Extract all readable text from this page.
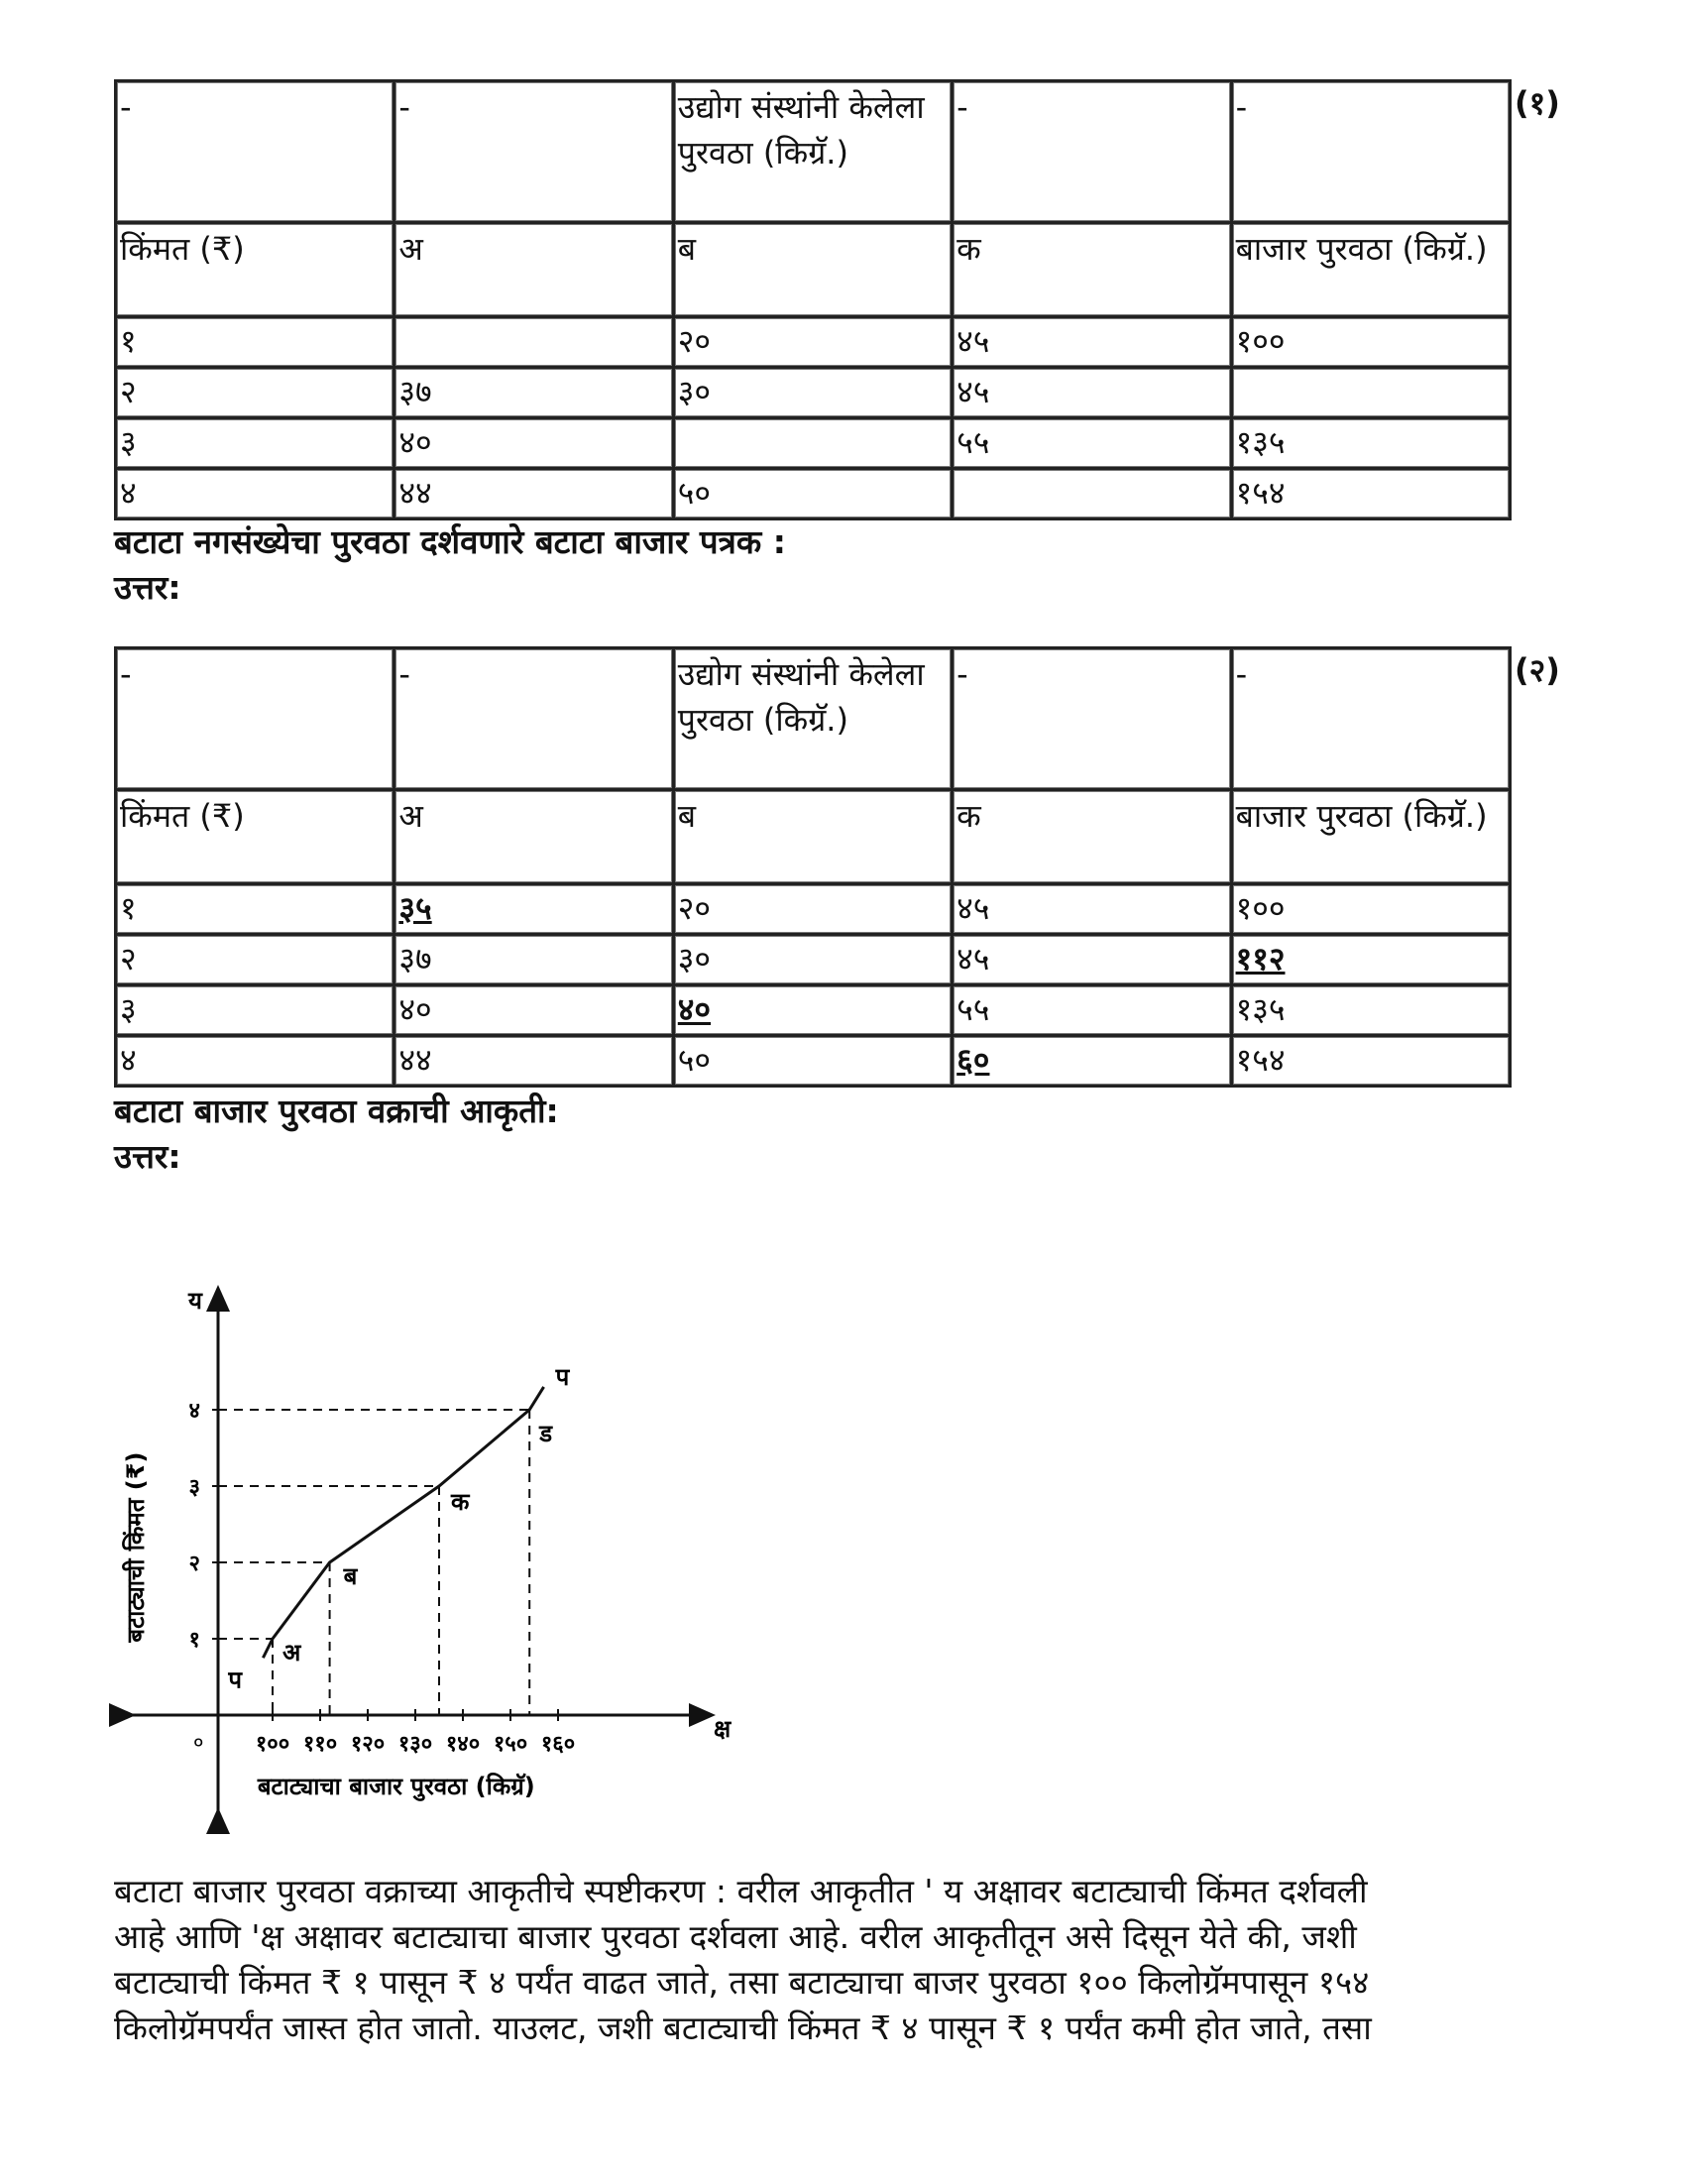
-	-	उद्योग संस्थांनी केलेला पुरवठा (किग्रॅ.)	-	-
किंमत (₹)	अ	ब	क	बाजार पुरवठा (किग्रॅ.)
१		२०	४५	१००
२	३७	३०	४५	
३	४०		५५	१३५
४	४४	५०		१५४
(१)
बटाटा नगसंख्येचा पुरवठा दर्शवणारे बटाटा बाजार पत्रक :
उत्तर:
-	-	उद्योग संस्थांनी केलेला पुरवठा (किग्रॅ.)	-	-
किंमत (₹)	अ	ब	क	बाजार पुरवठा (किग्रॅ.)
१	३५	२०	४५	१००
२	३७	३०	४५	११२
३	४०	४०	५५	१३५
४	४४	५०	६०	१५४
(२)
बटाटा बाजार पुरवठा वक्राची आकृती:
उत्तर:
क्ष
य
० १०० ११० १२० १३० १४० १५० १६०
१
२
३
४
बटाट्याचा बाजार पुरवठा (किग्रॅ)
बटाट्याची किंमत (₹)
अ
ब
क
ड
प
प
बटाटा बाजार पुरवठा वक्राच्या आकृतीचे स्पष्टीकरण : वरील आकृतीत ' य अक्षावर बटाट्याची किंमत दर्शवली
आहे आणि 'क्ष अक्षावर बटाट्याचा बाजार पुरवठा दर्शवला आहे. वरील आकृतीतून असे दिसून येते की, जशी
बटाट्याची किंमत ₹ १ पासून ₹ ४ पर्यंत वाढत जाते, तसा बटाट्याचा बाजर पुरवठा १०० किलोग्रॅमपासून १५४
किलोग्रॅमपर्यंत जास्त होत जातो. याउलट, जशी बटाट्याची किंमत ₹ ४ पासून ₹ १ पर्यंत कमी होत जाते, तसा
